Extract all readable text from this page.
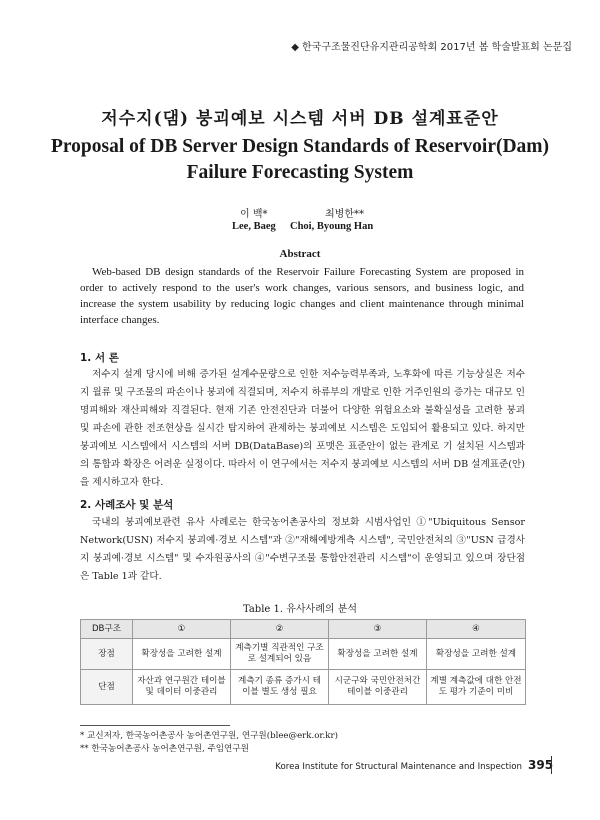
◆ 한국구조물진단유지관리공학회 2017년 봄 학술발표회 논문집
저수지(댐) 붕괴예보 시스템 서버 DB 설계표준안
Proposal of DB Server Design Standards of Reservoir(Dam) Failure Forecasting System
이 백*	최병한**
Lee, Baeg Choi, Byoung Han
Abstract
Web-based DB design standards of the Reservoir Failure Forecasting System are proposed in order to actively respond to the user's work changes, various sensors, and business logic, and increase the system usability by reducing logic changes and client maintenance through minimal interface changes.
1. 서 론
저수지 설계 당시에 비해 증가된 설계수문량으로 인한 저수능력부족과, 노후화에 따른 기능상실은 저수지 월류 및 구조물의 파손이나 붕괴에 직결되며, 저수지 하류부의 개발로 인한 거주인원의 증가는 대규모 인명피해와 재산피해와 직결된다. 현재 기존 안전진단과 더불어 다양한 위험요소와 불확실성을 고려한 붕괴 및 파손에 관한 전조현상을 실시간 탐지하여 관제하는 붕괴예보 시스템은 도입되어 활용되고 있다. 하지만 붕괴예보 시스템에서 시스템의 서버 DB(DataBase)의 포맷은 표준안이 없는 관계로 기 설치된 시스템과의 통합과 확장은 어려운 실정이다. 따라서 이 연구에서는 저수지 붕괴예보 시스템의 서버 DB 설계표준(안)을 제시하고자 한다.
2. 사례조사 및 분석
국내의 붕괴예보관련 유사 사례로는 한국농어촌공사의 정보화 시범사업인 ①"Ubiquitous Sensor Network(USN) 저수지 붕괴예·경보 시스템"과 ②"재해예방계측 시스템", 국민안전처의 ③"USN 급경사지 붕괴예·경보 시스템" 및 수자원공사의 ④"수변구조물 통합안전관리 시스템"이 운영되고 있으며 장단점은 Table 1과 같다.
Table 1. 유사사례의 분석
DB구조	①	②	③	④
장점	확장성을 고려한 설계	계측기별 직관적인 구조로 설계되어 있음	확장성을 고려한 설계	확장성을 고려한 설계
단점	자산과 연구원간 테이블 및 데이터 이중관리	계측기 종류 증가시 테이블 별도 생성 필요	시군구와 국민안전처간 테이블 이중관리	계별 계측값에 대한 안전도 평가 기준이 미비
* 교신저자, 한국농어촌공사 농어촌연구원, 연구원(blee@erk.or.kr)
** 한국농어촌공사 농어촌연구원, 주임연구원
Korea Institute for Structural Maintenance and Inspection 395
